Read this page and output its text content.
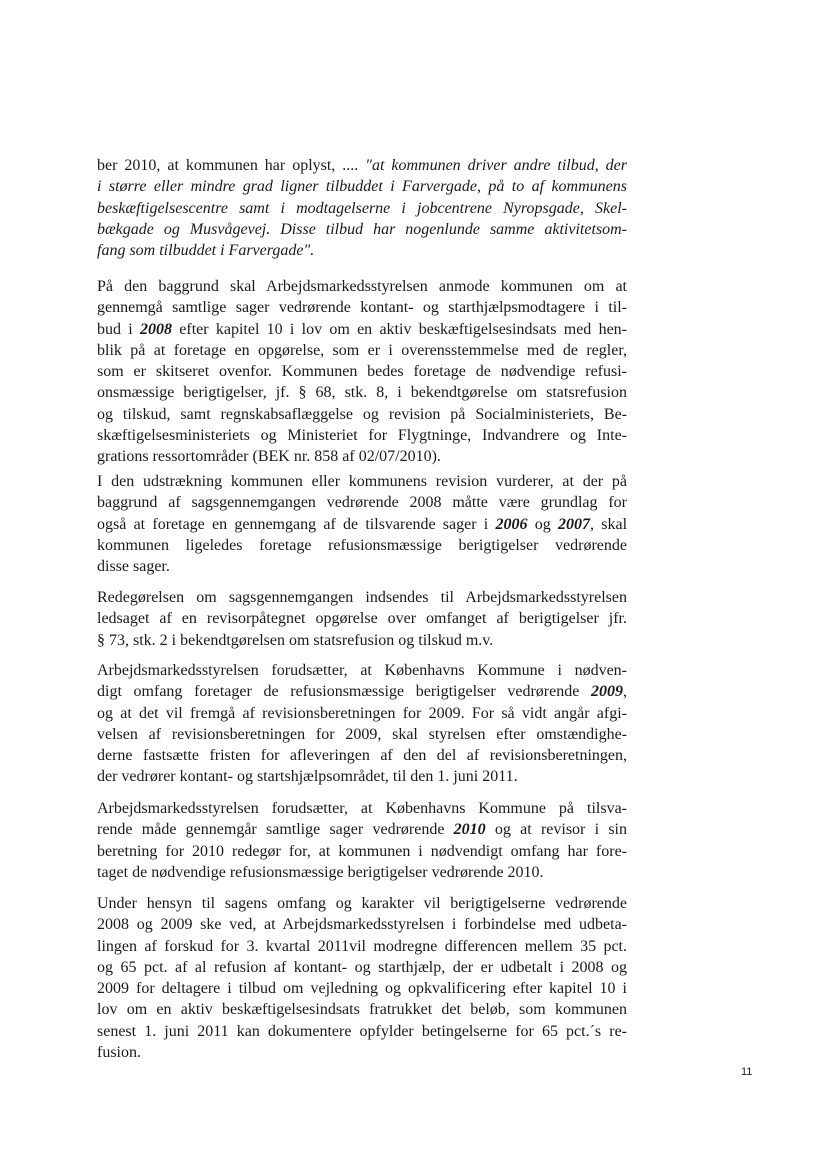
ber 2010, at kommunen har oplyst, .... "at kommunen driver andre tilbud, der
i større eller mindre grad ligner tilbuddet i Farvergade, på to af kommunens
beskæftigelsescentre samt i modtagelserne i jobcentrene Nyropsgade, Skel-
bækgade og Musvågevej. Disse tilbud har nogenlunde samme aktivitetsom-
fang som tilbuddet i Farvergade".
På den baggrund skal Arbejdsmarkedsstyrelsen anmode kommunen om at
gennemgå samtlige sager vedrørende kontant- og starthjælpsmodtagere i til-
bud i 2008 efter kapitel 10 i lov om en aktiv beskæftigelsesindsats med hen-
blik på at foretage en opgørelse, som er i overensstemmelse med de regler,
som er skitseret ovenfor. Kommunen bedes foretage de nødvendige refusi-
onsmæssige berigtigelser, jf. § 68, stk. 8, i bekendtgørelse om statsrefusion
og tilskud, samt regnskabsaflæggelse og revision på Socialministeriets, Be-
skæftigelsesministeriets og Ministeriet for Flygtninge, Indvandrere og Inte-
grations ressortområder (BEK nr. 858 af 02/07/2010).
I den udstrækning kommunen eller kommunens revision vurderer, at der på
baggrund af sagsgennemgangen vedrørende 2008 måtte være grundlag for
også at foretage en gennemgang af de tilsvarende sager i 2006 og 2007, skal
kommunen ligeledes foretage refusionsmæssige berigtigelser vedrørende
disse sager.
Redegørelsen om sagsgennemgangen indsendes til Arbejdsmarkedsstyrelsen
ledsaget af en revisorpåtegnet opgørelse over omfanget af berigtigelser jfr.
§ 73, stk. 2 i bekendtgørelsen om statsrefusion og tilskud m.v.
Arbejdsmarkedsstyrelsen forudsætter, at Københavns Kommune i nødven-
digt omfang foretager de refusionsmæssige berigtigelser vedrørende 2009,
og at det vil fremgå af revisionsberetningen for 2009. For så vidt angår afgi-
velsen af revisionsberetningen for 2009, skal styrelsen efter omstændighe-
derne fastsætte fristen for afleveringen af den del af revisionsberetningen,
der vedrører kontant- og startshjælpsområdet, til den 1. juni 2011.
Arbejdsmarkedsstyrelsen forudsætter, at Københavns Kommune på tilsva-
rende måde gennemgår samtlige sager vedrørende 2010 og at revisor i sin
beretning for 2010 redegør for, at kommunen i nødvendigt omfang har fore-
taget de nødvendige refusionsmæssige berigtigelser vedrørende 2010.
Under hensyn til sagens omfang og karakter vil berigtigelserne vedrørende
2008 og 2009 ske ved, at Arbejdsmarkedsstyrelsen i forbindelse med udbeta-
lingen af forskud for 3. kvartal 2011vil modregne differencen mellem 35 pct.
og 65 pct. af al refusion af kontant- og starthjælp, der er udbetalt i 2008 og
2009 for deltagere i tilbud om vejledning og opkvalificering efter kapitel 10 i
lov om en aktiv beskæftigelsesindsats fratrukket det beløb, som kommunen
senest 1. juni 2011 kan dokumentere opfylder betingelserne for 65 pct.´s re-
fusion.
11
